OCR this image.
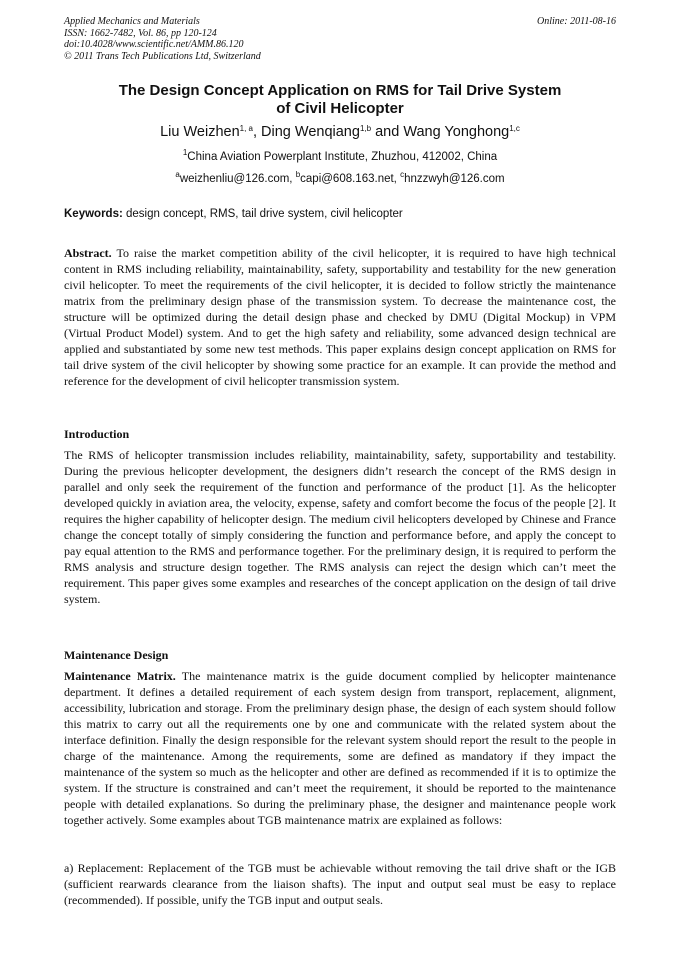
Applied Mechanics and Materials
ISSN: 1662-7482, Vol. 86, pp 120-124
doi:10.4028/www.scientific.net/AMM.86.120
© 2011 Trans Tech Publications Ltd, Switzerland
Online: 2011-08-16
The Design Concept Application on RMS for Tail Drive System
of Civil Helicopter
Liu Weizhen$^{1, a}$, Ding Wenqiang$^{1,b}$ and Wang Yonghong$^{1,c}$
$^1$China Aviation Powerplant Institute, Zhuzhou, 412002, China
$^a$weizhenliu@126.com, $^b$capi@608.163.net, $^c$hnzzwyh@126.com
Keywords: design concept, RMS, tail drive system, civil helicopter

Abstract. To raise the market competition ability of the civil helicopter, it is required to have high technical content in RMS including reliability, maintainability, safety, supportability and testability for the new generation civil helicopter. To meet the requirements of the civil helicopter, it is decided to follow strictly the maintenance matrix from the preliminary design phase of the transmission system. To decrease the maintenance cost, the structure will be optimized during the detail design phase and checked by DMU (Digital Mockup) in VPM (Virtual Product Model) system. And to get the high safety and reliability, some advanced design technical are applied and substantiated by some new test methods. This paper explains design concept application on RMS for tail drive system of the civil helicopter by showing some practice for an example. It can provide the method and reference for the development of civil helicopter transmission system.

Introduction

The RMS of helicopter transmission includes reliability, maintainability, safety, supportability and testability. During the previous helicopter development, the designers didn’t research the concept of the RMS design in parallel and only seek the requirement of the function and performance of the product [1]. As the helicopter developed quickly in aviation area, the velocity, expense, safety and comfort become the focus of the people [2]. It requires the higher capability of helicopter design. The medium civil helicopters developed by Chinese and France change the concept totally of simply considering the function and performance before, and apply the concept to pay equal attention to the RMS and performance together. For the preliminary design, it is required to perform the RMS analysis and structure design together. The RMS analysis can reject the design which can’t meet the requirement. This paper gives some examples and researches of the concept application on the design of tail drive system.

Maintenance Design

Maintenance Matrix. The maintenance matrix is the guide document complied by helicopter maintenance department. It defines a detailed requirement of each system design from transport, replacement, alignment, accessibility, lubrication and storage. From the preliminary design phase, the design of each system should follow this matrix to carry out all the requirements one by one and communicate with the related system about the interface definition. Finally the design responsible for the relevant system should report the result to the people in charge of the maintenance. Among the requirements, some are defined as mandatory if they impact the maintenance of the system so much as the helicopter and other are defined as recommended if it is to optimize the system. If the structure is constrained and can’t meet the requirement, it should be reported to the maintenance people with detailed explanations. So during the preliminary phase, the designer and maintenance people work together actively. Some examples about TGB maintenance matrix are explained as follows:

a) Replacement: Replacement of the TGB must be achievable without removing the tail drive shaft or the IGB (sufficient rearwards clearance from the liaison shafts). The input and output seal must be easy to replace (recommended). If possible, unify the TGB input and output seals.
